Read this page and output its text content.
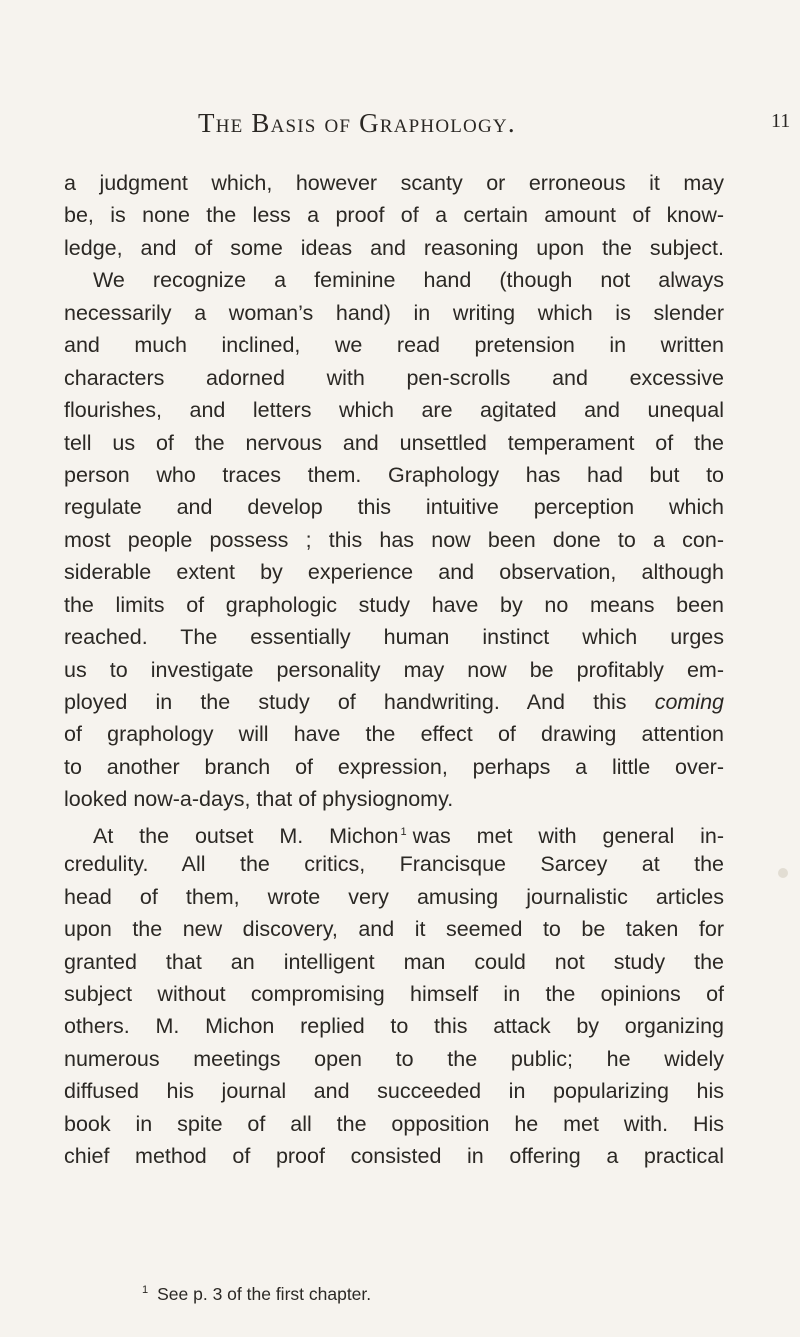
The Basis of Graphology.	11
a judgment which, however scanty or erroneous it may
be, is none the less a proof of a certain amount of know-
ledge, and of some ideas and reasoning upon the subject.
We recognize a feminine hand (though not always
necessarily a woman’s hand) in writing which is slender
and much inclined, we read pretension in written
characters adorned with pen-scrolls and excessive
flourishes, and letters which are agitated and unequal
tell us of the nervous and unsettled temperament of the
person who traces them. Graphology has had but to
regulate and develop this intuitive perception which
most people possess ; this has now been done to a con-
siderable extent by experience and observation, although
the limits of graphologic study have by no means been
reached. The essentially human instinct which urges
us to investigate personality may now be profitably em-
ployed in the study of handwriting. And this coming
of graphology will have the effect of drawing attention
to another branch of expression, perhaps a little over-
looked now-a-days, that of physiognomy.
At the outset M. Michon $^1$ was met with general in-
credulity. All the critics, Francisque Sarcey at the
head of them, wrote very amusing journalistic articles
upon the new discovery, and it seemed to be taken for
granted that an intelligent man could not study the
subject without compromising himself in the opinions of
others. M. Michon replied to this attack by organizing
numerous meetings open to the public; he widely
diffused his journal and succeeded in popularizing his
book in spite of all the opposition he met with. His
chief method of proof consisted in offering a practical
$^1$ See p. 3 of the first chapter.
